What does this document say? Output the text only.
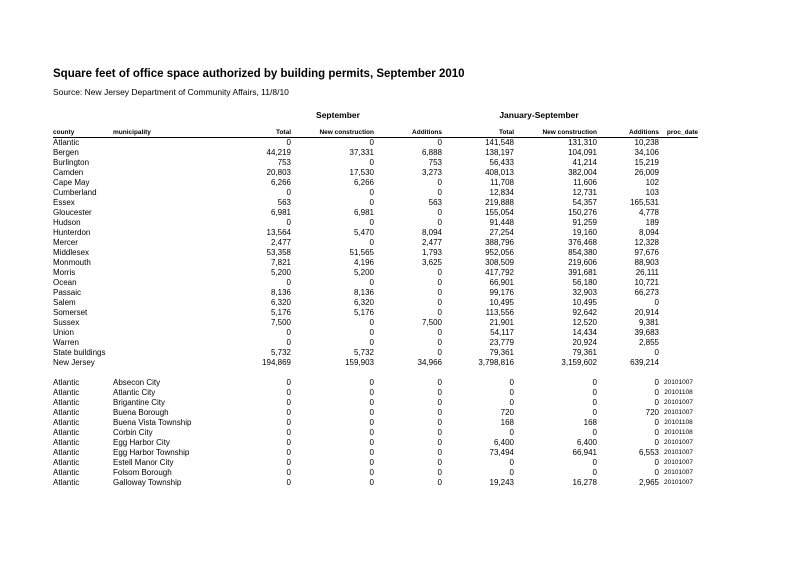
Square feet of office space authorized by building permits, September 2010
Source: New Jersey Department of Community Affairs, 11/8/10
September	January-September
county	municipality	Total	New construction	Additions	Total	New construction	Additions	proc_date
Atlantic		0	0	0	141,548	131,310	10,238	
Bergen		44,219	37,331	6,888	138,197	104,091	34,106	
Burlington		753	0	753	56,433	41,214	15,219	
Camden		20,803	17,530	3,273	408,013	382,004	26,009	
Cape May		6,266	6,266	0	11,708	11,606	102	
Cumberland		0	0	0	12,834	12,731	103	
Essex		563	0	563	219,888	54,357	165,531	
Gloucester		6,981	6,981	0	155,054	150,276	4,778	
Hudson		0	0	0	91,448	91,259	189	
Hunterdon		13,564	5,470	8,094	27,254	19,160	8,094	
Mercer		2,477	0	2,477	388,796	376,468	12,328	
Middlesex		53,358	51,565	1,793	952,056	854,380	97,676	
Monmouth		7,821	4,196	3,625	308,509	219,606	88,903	
Morris		5,200	5,200	0	417,792	391,681	26,111	
Ocean		0	0	0	66,901	56,180	10,721	
Passaic		8,136	8,136	0	99,176	32,903	66,273	
Salem		6,320	6,320	0	10,495	10,495	0	
Somerset		5,176	5,176	0	113,556	92,642	20,914	
Sussex		7,500	0	7,500	21,901	12,520	9,381	
Union		0	0	0	54,117	14,434	39,683	
Warren		0	0	0	23,779	20,924	2,855	
State buildings		5,732	5,732	0	79,361	79,361	0	
New Jersey		194,869	159,903	34,966	3,798,816	3,159,602	639,214	

Atlantic	Absecon City	0	0	0	0	0	0	20101007
Atlantic	Atlantic City	0	0	0	0	0	0	20101108
Atlantic	Brigantine City	0	0	0	0	0	0	20101007
Atlantic	Buena Borough	0	0	0	720	0	720	20101007
Atlantic	Buena Vista Township	0	0	0	168	168	0	20101108
Atlantic	Corbin City	0	0	0	0	0	0	20101108
Atlantic	Egg Harbor City	0	0	0	6,400	6,400	0	20101007
Atlantic	Egg Harbor Township	0	0	0	73,494	66,941	6,553	20101007
Atlantic	Estell Manor City	0	0	0	0	0	0	20101007
Atlantic	Folsom Borough	0	0	0	0	0	0	20101007
Atlantic	Galloway Township	0	0	0	19,243	16,278	2,965	20101007
